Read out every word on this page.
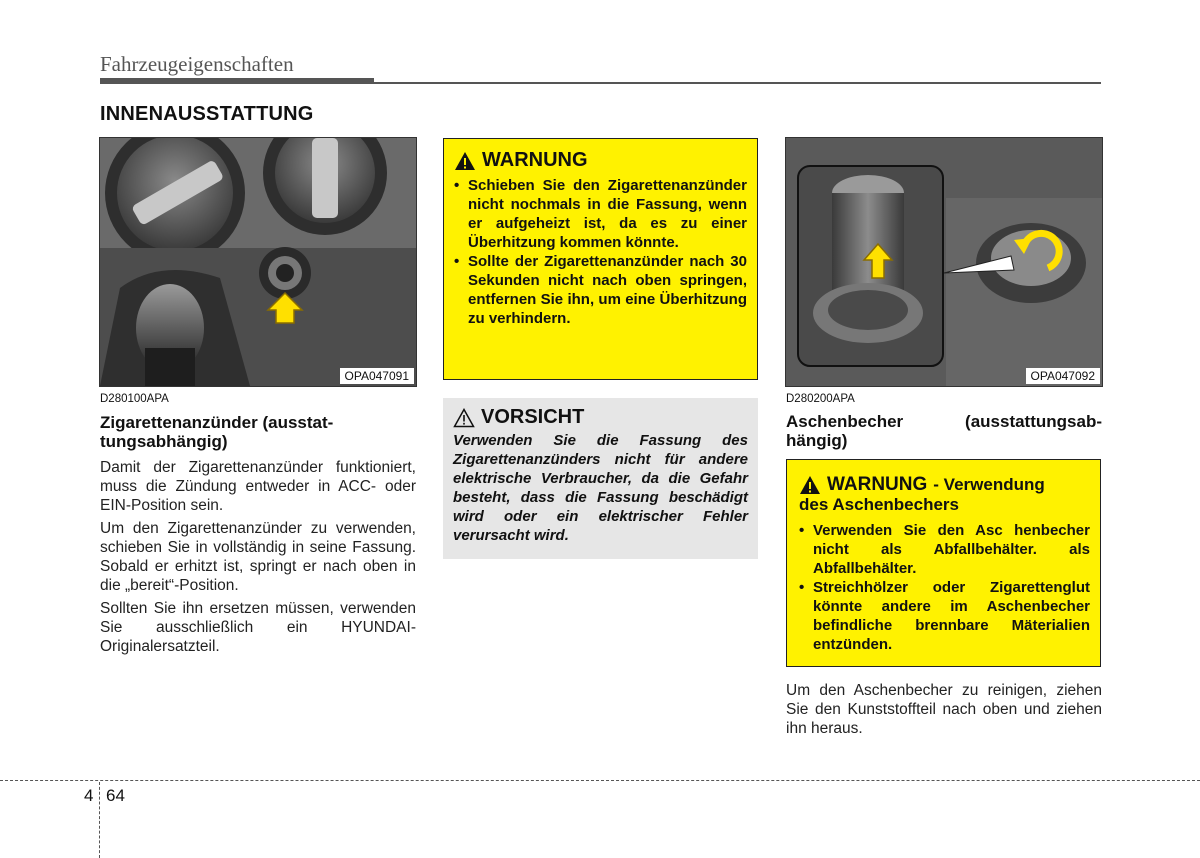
Fahrzeugeigenschaften
INNENAUSSTATTUNG
OPA047091
D280100APA
Zigarettenanzünder (ausstat-
tungsabhängig)

Damit der Zigarettenanzünder funktioniert, muss die Zündung entweder in ACC- oder EIN-Position sein.

Um den Zigarettenanzünder zu verwenden, schieben Sie in vollständig in seine Fassung. Sobald er erhitzt ist, springt er nach oben in die „bereit“-Position.

Sollten Sie ihn ersetzen müssen, verwenden Sie ausschließlich ein HYUNDAI-Originalersatzteil.

WARNUNG
• Schieben Sie den Zigarettenanzünder nicht nochmals in die Fassung, wenn er aufgeheizt ist, da es zu einer Überhitzung kommen könnte.
• Sollte der Zigarettenanzünder nach 30 Sekunden nicht nach oben springen, entfernen Sie ihn, um eine Überhitzung zu verhindern.
VORSICHT
Verwenden Sie die Fassung des Zigarettenanzünders nicht für andere elektrische Verbraucher, da die Gefahr besteht, dass die Fassung beschädigt wird oder ein elektrischer Fehler verursacht wird.
OPA047092
D280200APA
Aschenbecher (ausstattungsab-
hängig)
WARNUNG - Verwendung
des Aschenbechers
• Verwenden Sie den Asc henbecher nicht als Abfallbehälter. als Abfallbehälter.
• Streichhölzer oder Zigarettenglut könnte andere im Aschenbecher befindliche brennbare Mäterialien entzünden.
Um den Aschenbecher zu reinigen, ziehen Sie den Kunststoffteil nach oben und ziehen ihn heraus.
4 64
